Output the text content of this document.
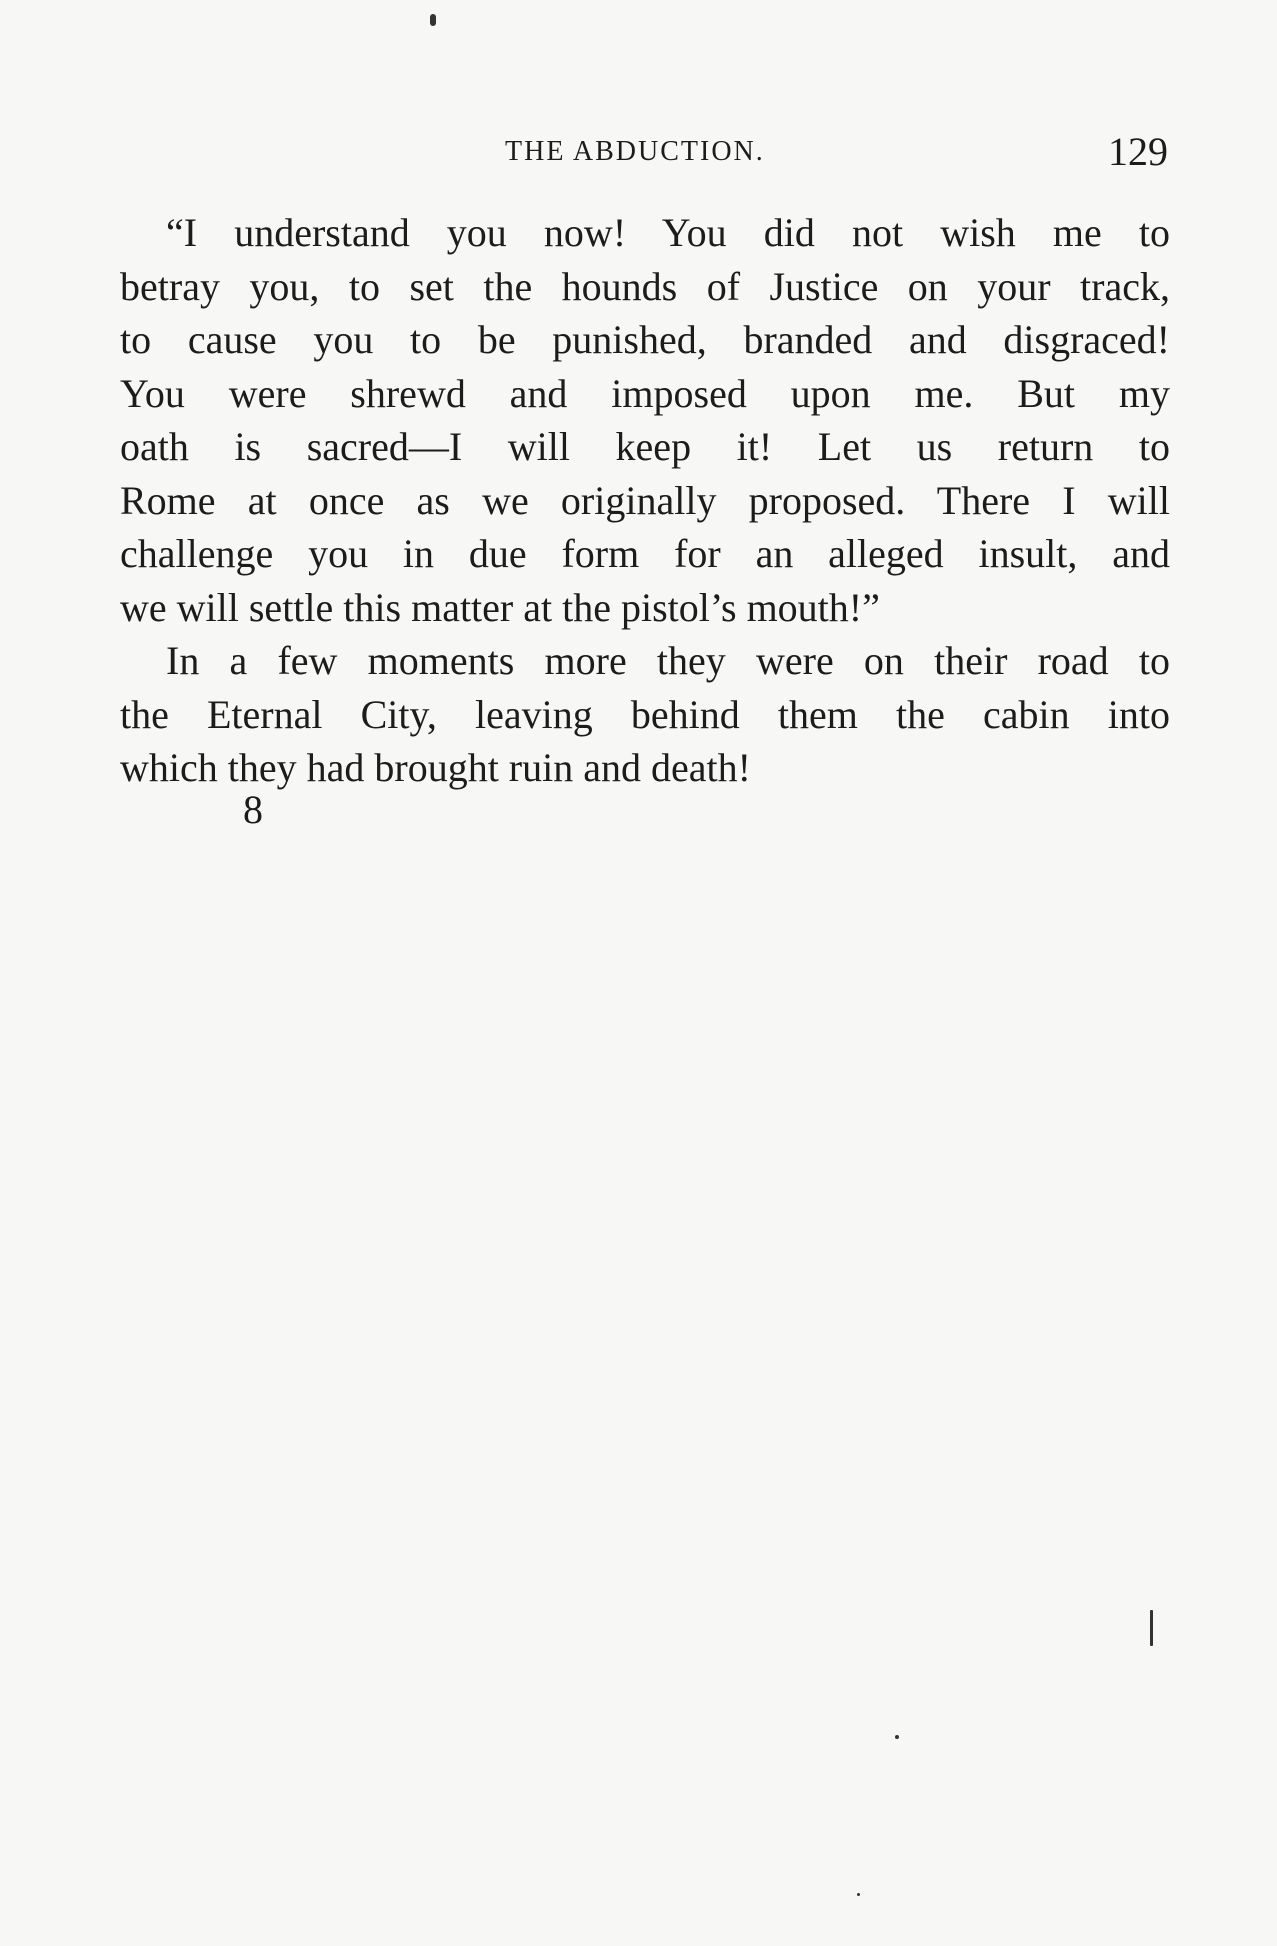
THE ABDUCTION.	129
“I understand you now! You did not wish me to
betray you, to set the hounds of Justice on your track,
to cause you to be punished, branded and disgraced!
You were shrewd and imposed upon me. But my
oath is sacred—I will keep it! Let us return to
Rome at once as we originally proposed. There I will
challenge you in due form for an alleged insult, and
we will settle this matter at the pistol’s mouth!”
In a few moments more they were on their road to
the Eternal City, leaving behind them the cabin into
which they had brought ruin and death!
8
